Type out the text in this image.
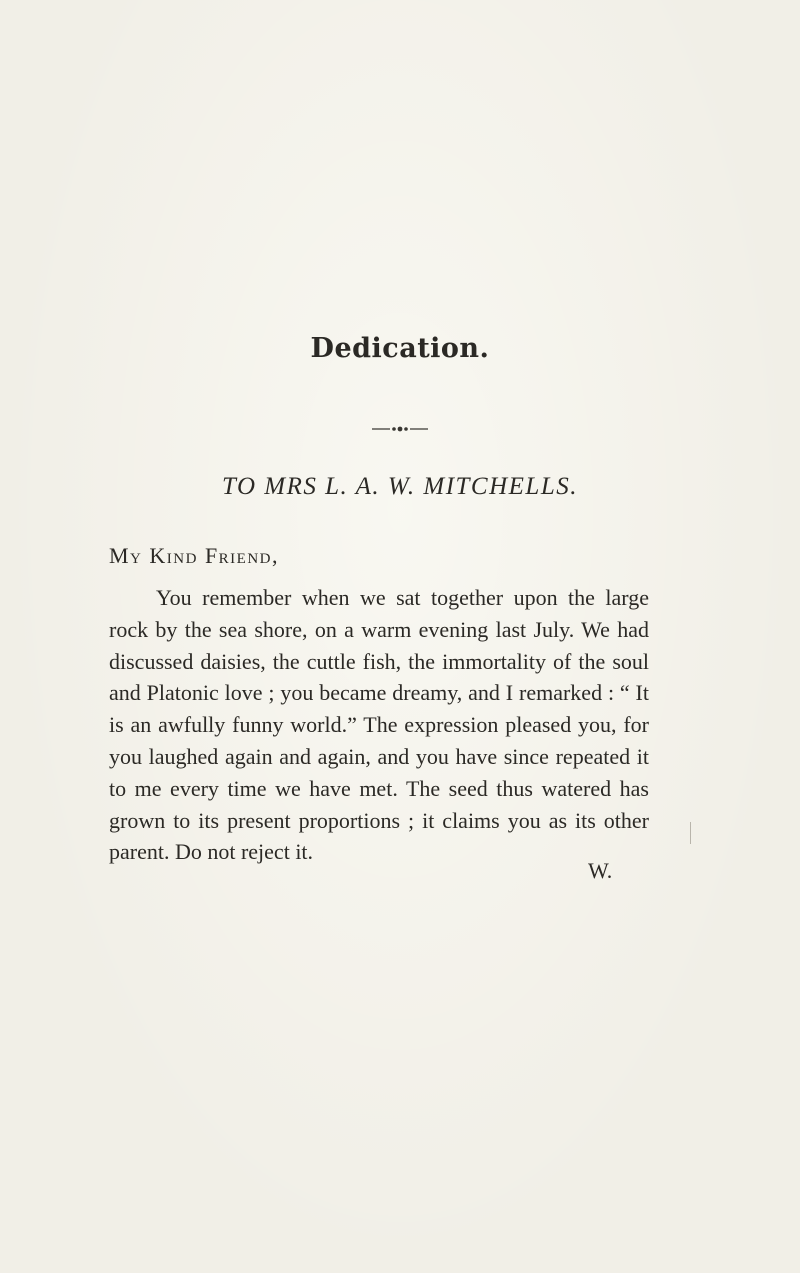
Dedication.
TO MRS L. A. W. MITCHELLS.
My Kind Friend,

You remember when we sat together upon the large rock by the sea shore, on a warm evening last July. We had discussed daisies, the cuttle fish, the immortality of the soul and Platonic love ; you became dreamy, and I remarked : “ It is an awfully funny world.” The expression pleased you, for you laughed again and again, and you have since repeated it to me every time we have met. The seed thus watered has grown to its present proportions ; it claims you as its other parent. Do not reject it.

W.
